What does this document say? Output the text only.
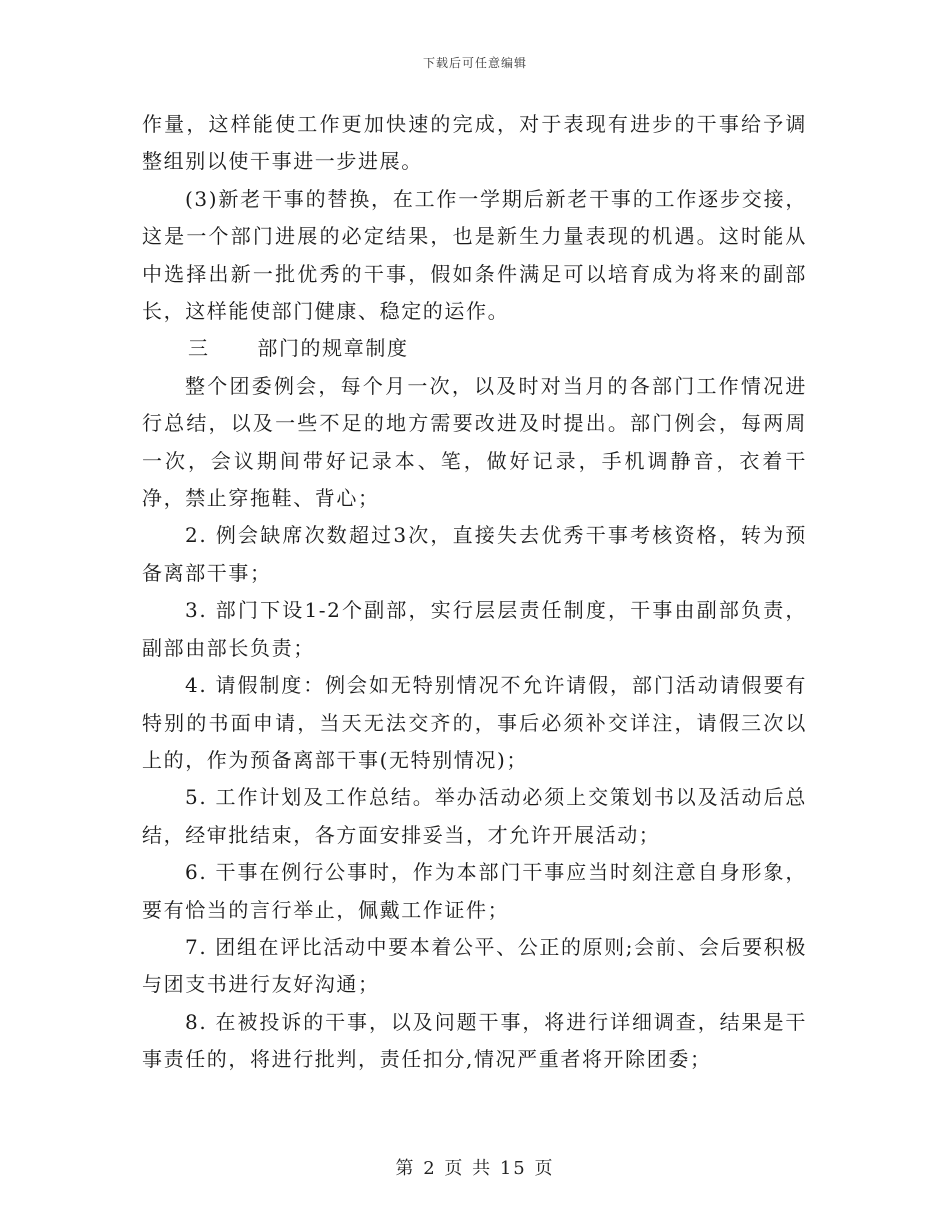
下载后可任意编辑

作量，这样能使工作更加快速的完成，对于表现有进步的干事给予调整组别以使干事进一步进展。

(3)新老干事的替换，在工作一学期后新老干事的工作逐步交接，这是一个部门进展的必定结果，也是新生力量表现的机遇。这时能从中选择出新一批优秀的干事，假如条件满足可以培育成为将来的副部长，这样能使部门健康、稳定的运作。

三      部门的规章制度

整个团委例会，每个月一次，以及时对当月的各部门工作情况进行总结，以及一些不足的地方需要改进及时提出。部门例会，每两周一次，会议期间带好记录本、笔，做好记录，手机调静音，衣着干净，禁止穿拖鞋、背心；

2. 例会缺席次数超过3次，直接失去优秀干事考核资格，转为预备离部干事；

3. 部门下设1-2个副部，实行层层责任制度，干事由副部负责，副部由部长负责；

4. 请假制度：例会如无特别情况不允许请假，部门活动请假要有特别的书面申请，当天无法交齐的，事后必须补交详注，请假三次以上的，作为预备离部干事(无特别情况)；

5. 工作计划及工作总结。举办活动必须上交策划书以及活动后总结，经审批结束，各方面安排妥当，才允许开展活动；

6. 干事在例行公事时，作为本部门干事应当时刻注意自身形象，要有恰当的言行举止，佩戴工作证件；

7. 团组在评比活动中要本着公平、公正的原则;会前、会后要积极与团支书进行友好沟通；

8. 在被投诉的干事，以及问题干事，将进行详细调查，结果是干事责任的，将进行批判，责任扣分,情况严重者将开除团委；

第 2 页 共 15 页
